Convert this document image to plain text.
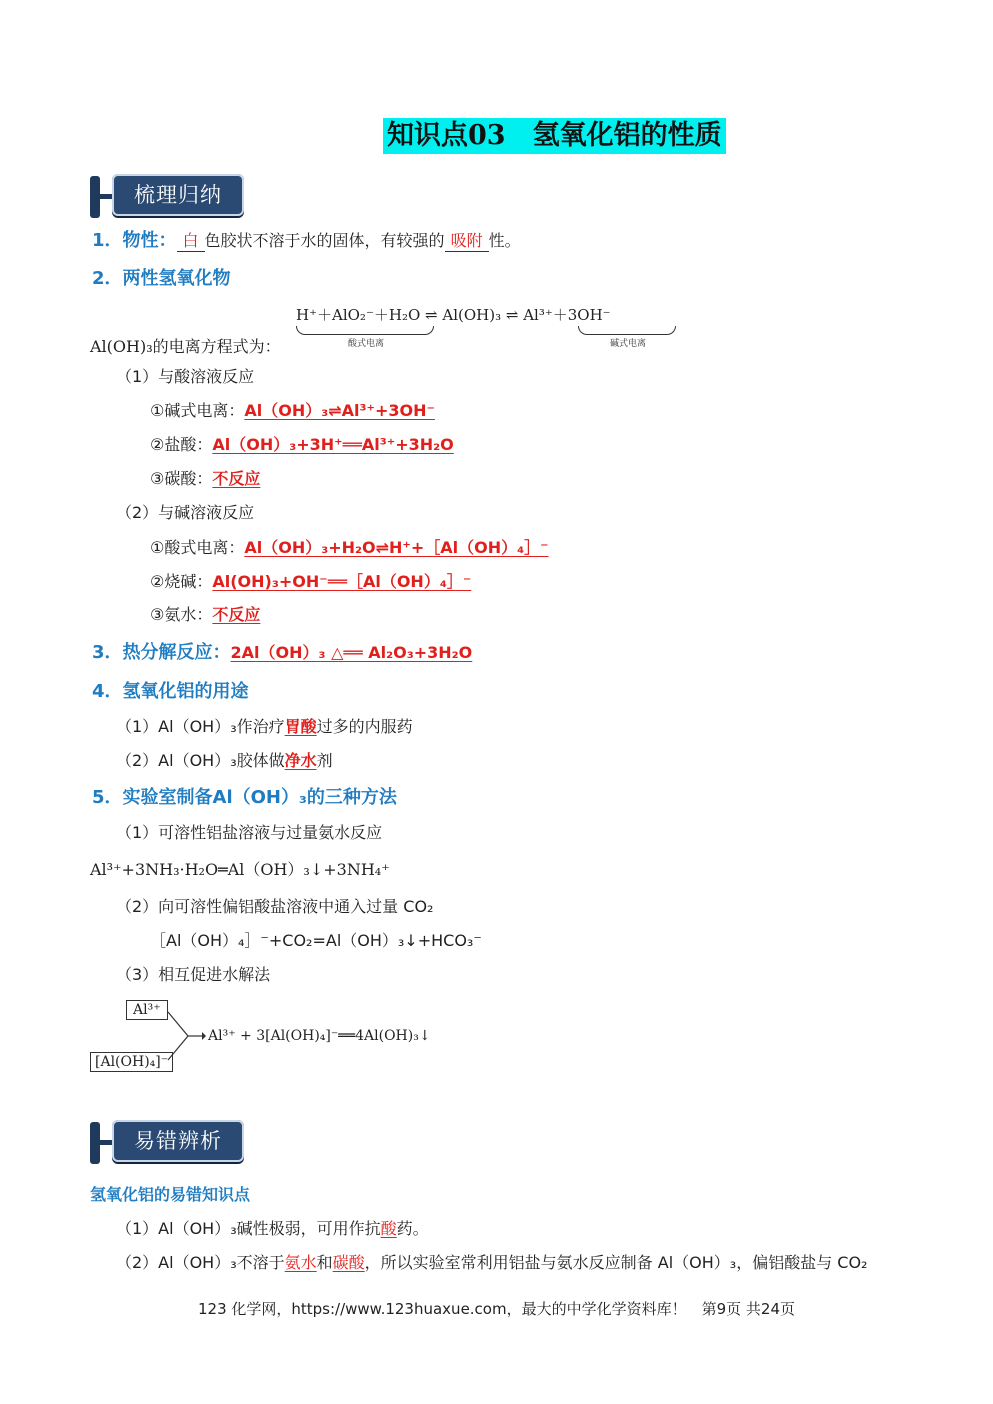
知识点03　氢氧化铝的性质
梳理归纳
1．物性： 白 色胶状不溶于水的固体，有较强的 吸附 性。
2．两性氢氧化物
H⁺＋AlO₂⁻＋H₂O ⇌ Al(OH)₃ ⇌ Al³⁺＋3OH⁻
酸式电离	碱式电离
Al(OH)₃的电离方程式为：
（1）与酸溶液反应
①碱式电离：Al（OH）₃⇌Al³⁺+3OH⁻
②盐酸：Al（OH）₃+3H⁺══Al³⁺+3H₂O
③碳酸：不反应
（2）与碱溶液反应
①酸式电离：Al（OH）₃+H₂O⇌H⁺+［Al（OH）₄］⁻
②烧碱：Al(OH)₃+OH⁻══［Al（OH）₄］⁻
③氨水：不反应
3．热分解反应：2Al（OH）₃ △══ Al₂O₃+3H₂O
4．氢氧化铝的用途
（1）Al（OH）₃作治疗胃酸过多的内服药
（2）Al（OH）₃胶体做净水剂
5．实验室制备Al（OH）₃的三种方法
（1）可溶性铝盐溶液与过量氨水反应
Al³⁺+3NH₃·H₂O═Al（OH）₃↓+3NH₄⁺
（2）向可溶性偏铝酸盐溶液中通入过量 CO₂
［Al（OH）₄］⁻+CO₂=Al（OH）₃↓+HCO₃⁻
（3）相互促进水解法
Al³⁺
[Al(OH)₄]⁻
Al³⁺ + 3[Al(OH)₄]⁻══4Al(OH)₃↓
易错辨析
氢氧化铝的易错知识点
（1）Al（OH）₃碱性极弱，可用作抗酸药。
（2）Al（OH）₃不溶于氨水和碳酸，所以实验室常利用铝盐与氨水反应制备 Al（OH）₃，偏铝酸盐与 CO₂
123 化学网，https://www.123huaxue.com，最大的中学化学资料库！　第9页 共24页
